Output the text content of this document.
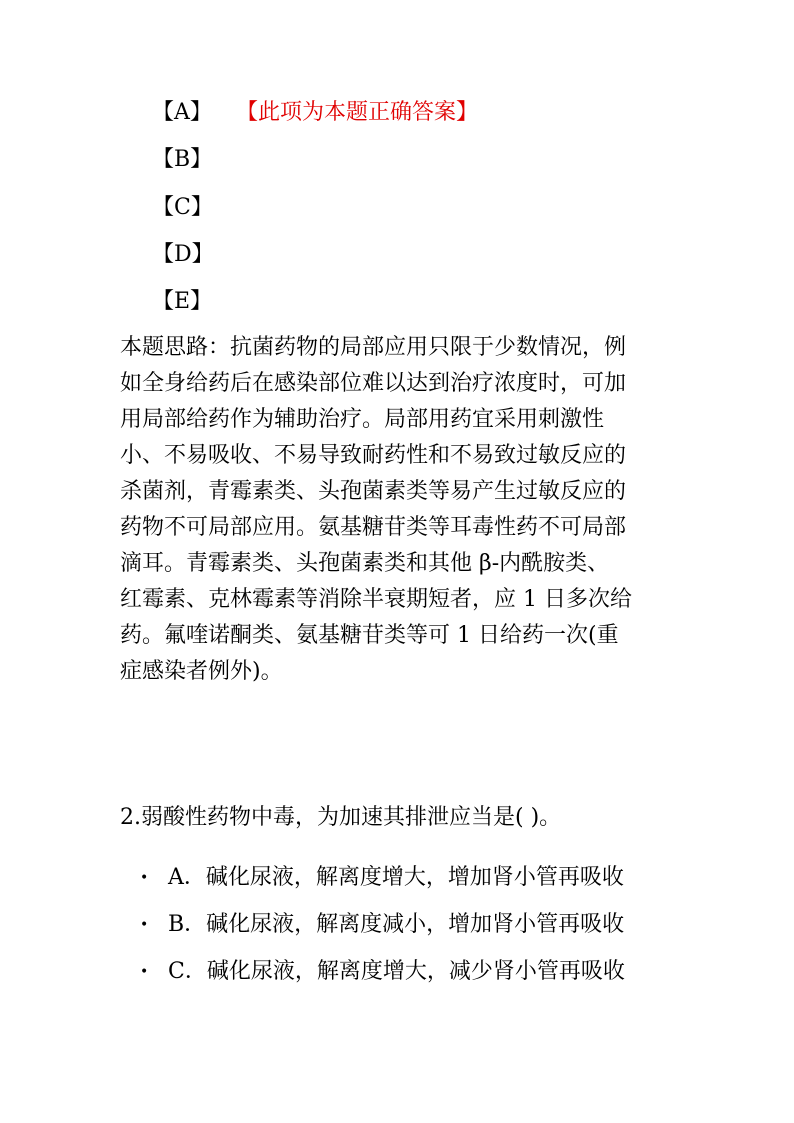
【A】 【此项为本题正确答案】
【B】
【C】
【D】
【E】
本题思路：抗菌药物的局部应用只限于少数情况，例
如全身给药后在感染部位难以达到治疗浓度时，可加
用局部给药作为辅助治疗。局部用药宜采用刺激性
小、不易吸收、不易导致耐药性和不易致过敏反应的
杀菌剂，青霉素类、头孢菌素类等易产生过敏反应的
药物不可局部应用。氨基糖苷类等耳毒性药不可局部
滴耳。青霉素类、头孢菌素类和其他 β-内酰胺类、
红霉素、克林霉素等消除半衰期短者，应 1 日多次给
药。氟喹诺酮类、氨基糖苷类等可 1 日给药一次(重
症感染者例外)。
2.弱酸性药物中毒，为加速其排泄应当是( )。
• A．碱化尿液，解离度增大，增加肾小管再吸收
• B．碱化尿液，解离度减小，增加肾小管再吸收
• C．碱化尿液，解离度增大，减少肾小管再吸收
